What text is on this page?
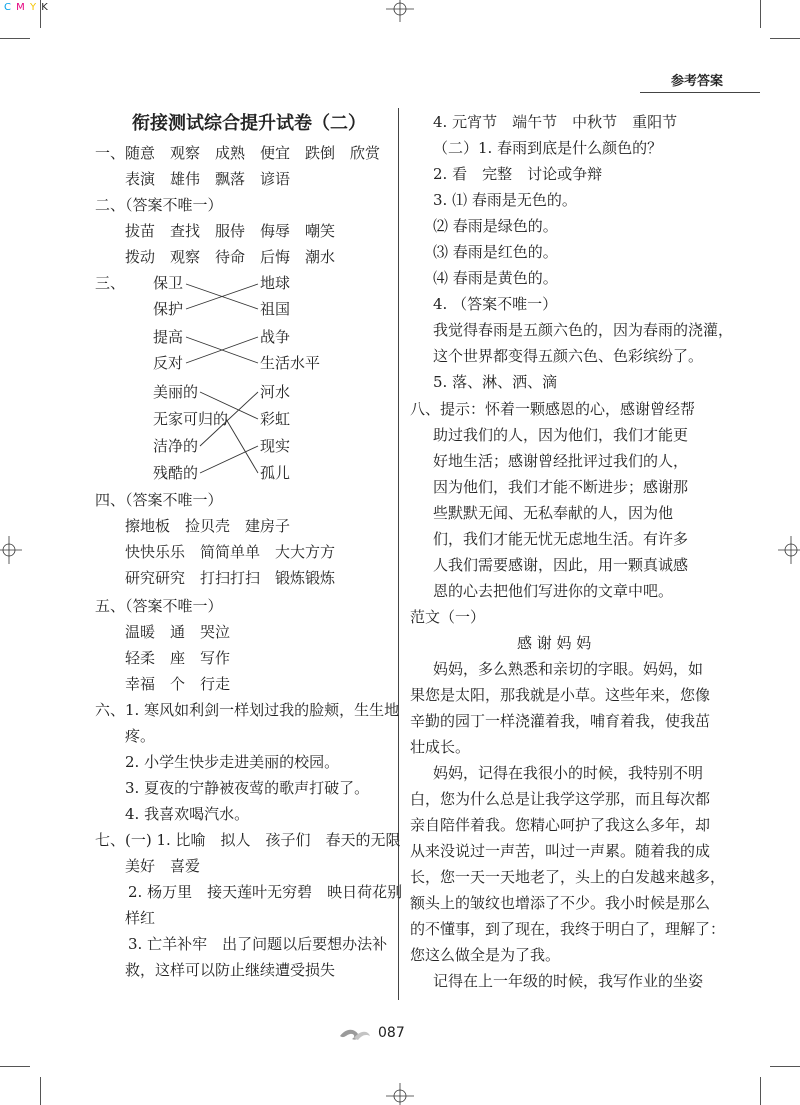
C M Y K
参考答案
衔接测试综合提升试卷（二）
一、随意　观察　成熟　便宜　跌倒　欣赏
表演　雄伟　飘落　谚语
二、（答案不唯一）
拔苗　查找　服侍　侮辱　嘲笑
拨动　观察　待命　后悔　潮水
三、 保卫
保护
提高
反对
美丽的
无家可归的
洁净的
残酷的
地球
祖国
战争
生活水平
河水
彩虹
现实
孤儿
四、（答案不唯一）
擦地板　捡贝壳　建房子
快快乐乐　简简单单　大大方方
研究研究　打扫打扫　锻炼锻炼
五、（答案不唯一）
温暖　通　哭泣
轻柔　座　写作
幸福　个　行走
六、1. 寒风如利剑一样划过我的脸颊，生生地
疼。
2. 小学生快步走进美丽的校园。
3. 夏夜的宁静被夜莺的歌声打破了。
4. 我喜欢喝汽水。
七、(一) 1. 比喻　拟人　孩子们　春天的无限
美好　喜爱
2. 杨万里　接天莲叶无穷碧　映日荷花别
样红
3. 亡羊补牢　出了问题以后要想办法补
救，这样可以防止继续遭受损失
4. 元宵节　端午节　中秋节　重阳节
（二）1. 春雨到底是什么颜色的？
2. 看　完整　讨论或争辩
3. ⑴ 春雨是无色的。
⑵ 春雨是绿色的。
⑶ 春雨是红色的。
⑷ 春雨是黄色的。
4. （答案不唯一）
我觉得春雨是五颜六色的，因为春雨的浇灌，
这个世界都变得五颜六色、色彩缤纷了。
5. 落、淋、洒、滴
八、提示：怀着一颗感恩的心，感谢曾经帮
助过我们的人，因为他们，我们才能更
好地生活；感谢曾经批评过我们的人，
因为他们，我们才能不断进步；感谢那
些默默无闻、无私奉献的人，因为他
们，我们才能无忧无虑地生活。有许多
人我们需要感谢，因此，用一颗真诚感
恩的心去把他们写进你的文章中吧。
范文（一）
感 谢 妈 妈
妈妈，多么熟悉和亲切的字眼。妈妈，如
果您是太阳，那我就是小草。这些年来，您像
辛勤的园丁一样浇灌着我，哺育着我，使我茁
壮成长。
妈妈，记得在我很小的时候，我特别不明
白，您为什么总是让我学这学那，而且每次都
亲自陪伴着我。您精心呵护了我这么多年，却
从来没说过一声苦，叫过一声累。随着我的成
长，您一天一天地老了，头上的白发越来越多，
额头上的皱纹也增添了不少。我小时候是那么
的不懂事，到了现在，我终于明白了，理解了：
您这么做全是为了我。
记得在上一年级的时候，我写作业的坐姿
087
